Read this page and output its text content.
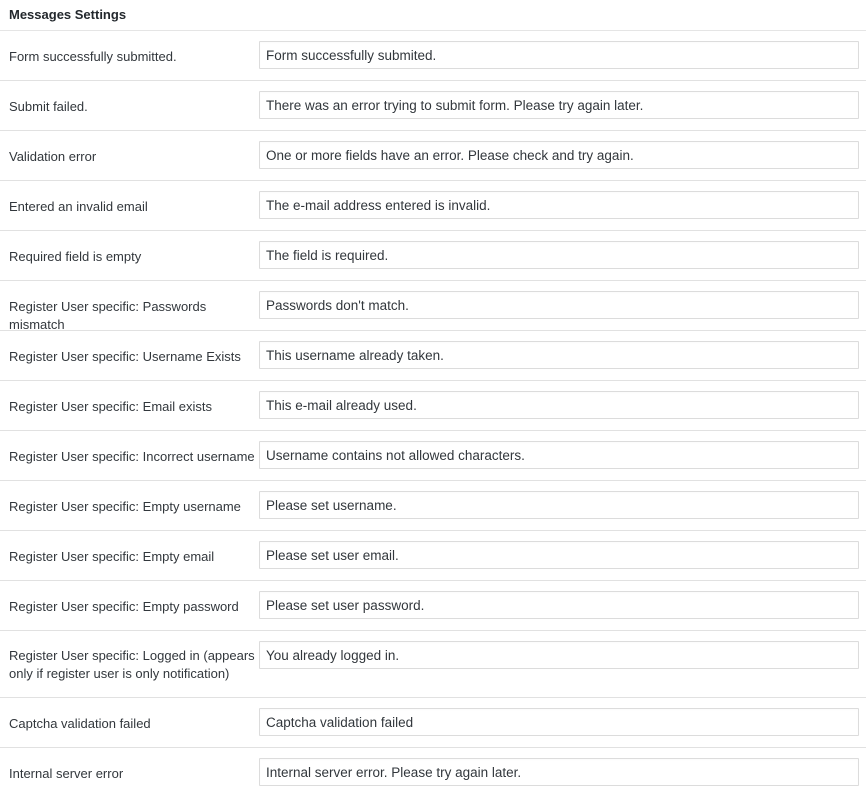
Messages Settings
Form successfully submitted.
Form successfully submited.
Submit failed.
There was an error trying to submit form. Please try again later.
Validation error
One or more fields have an error. Please check and try again.
Entered an invalid email
The e-mail address entered is invalid.
Required field is empty
The field is required.
Register User specific: Passwords mismatch
Passwords don't match.
Register User specific: Username Exists
This username already taken.
Register User specific: Email exists
This e-mail already used.
Register User specific: Incorrect username
Username contains not allowed characters.
Register User specific: Empty username
Please set username.
Register User specific: Empty email
Please set user email.
Register User specific: Empty password
Please set user password.
Register User specific: Logged in (appears only if register user is only notification)
You already logged in.
Captcha validation failed
Captcha validation failed
Internal server error
Internal server error. Please try again later.
